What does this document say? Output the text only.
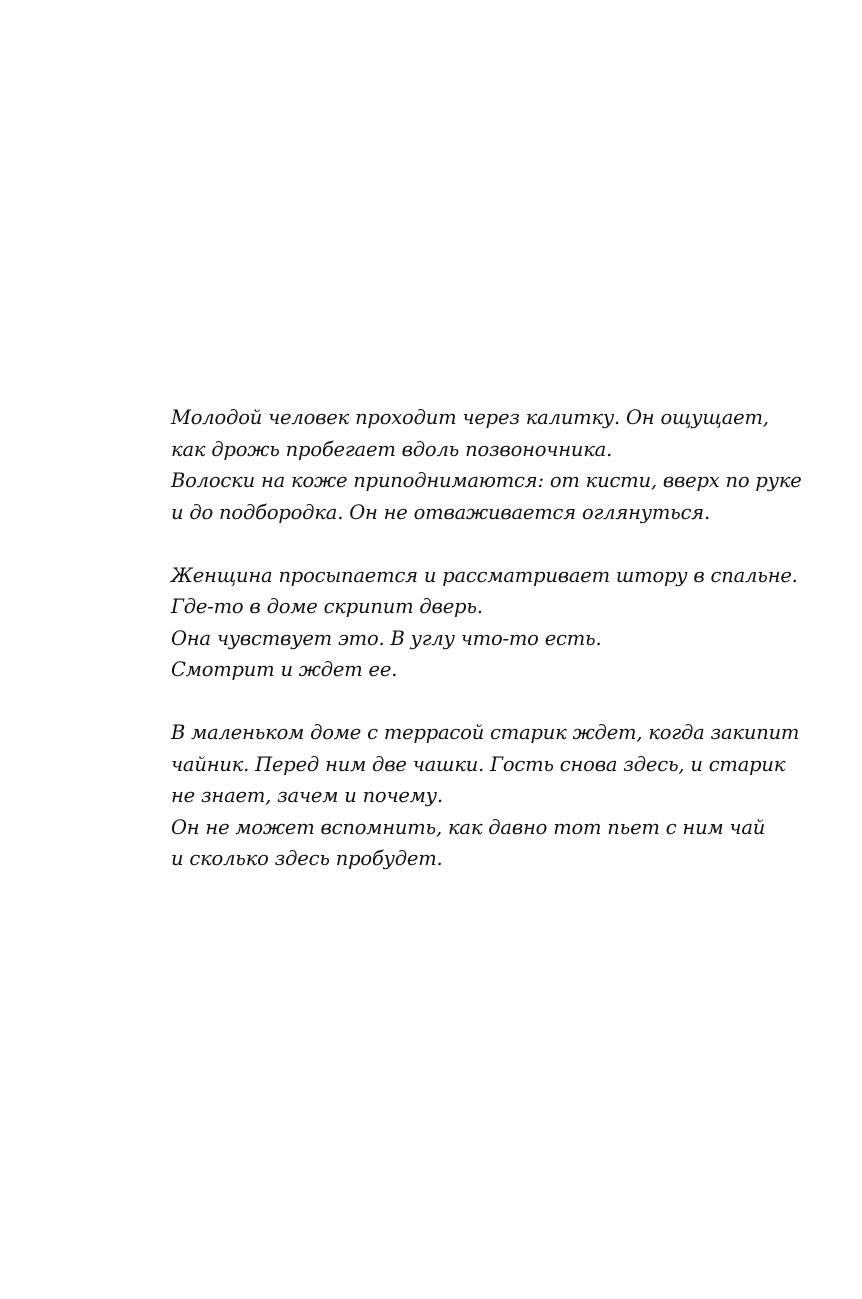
Молодой человек проходит через калитку. Он ощущает,
как дрожь пробегает вдоль позвоночника.
Волоски на коже приподнимаются: от кисти, вверх по руке
и до подбородка. Он не отваживается оглянуться.

Женщина просыпается и рассматривает штору в спальне.
Где-то в доме скрипит дверь.
Она чувствует это. В углу что-то есть.
Смотрит и ждет ее.

В маленьком доме с террасой старик ждет, когда закипит
чайник. Перед ним две чашки. Гость снова здесь, и старик
не знает, зачем и почему.
Он не может вспомнить, как давно тот пьет с ним чай
и сколько здесь пробудет.
